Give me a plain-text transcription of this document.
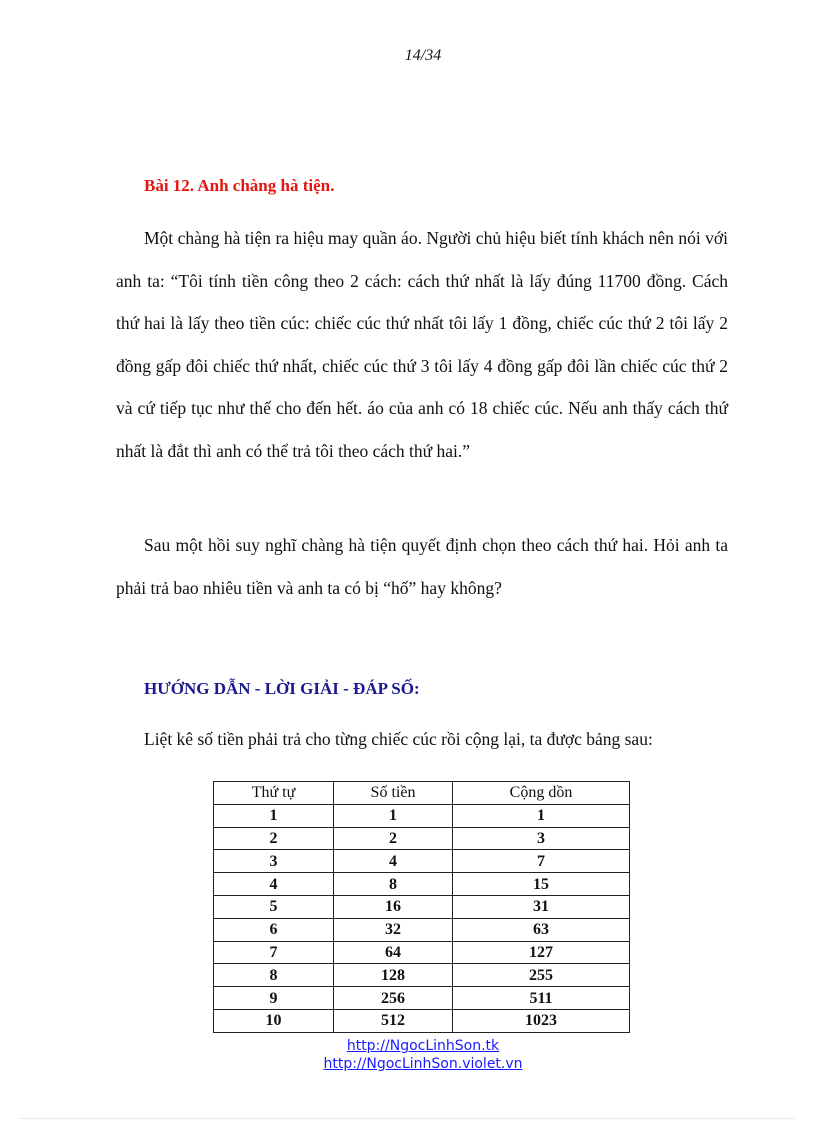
14/34
Bài 12. Anh chàng hà tiện.

Một chàng hà tiện ra hiệu may quần áo. Người chủ hiệu biết tính khách nên nói với anh ta: “Tôi tính tiền công theo 2 cách: cách thứ nhất là lấy đúng 11700 đồng. Cách thứ hai là lấy theo tiền cúc: chiếc cúc thứ nhất tôi lấy 1 đồng, chiếc cúc thứ 2 tôi lấy 2 đồng gấp đôi chiếc thứ nhất, chiếc cúc thứ 3 tôi lấy 4 đồng gấp đôi lần chiếc cúc thứ 2 và cứ tiếp tục như thế cho đến hết. áo của anh có 18 chiếc cúc. Nếu anh thấy cách thứ nhất là đắt thì anh có thể trả tôi theo cách thứ hai.”

Sau một hồi suy nghĩ chàng hà tiện quyết định chọn theo cách thứ hai. Hỏi anh ta phải trả bao nhiêu tiền và anh ta có bị “hố” hay không?

HƯỚNG DẪN - LỜI GIẢI - ĐÁP SỐ:
Liệt kê số tiền phải trả cho từng chiếc cúc rồi cộng lại, ta được bảng sau:
Thứ tự	Số tiền	Cộng dồn
1	1	1
2	2	3
3	4	7
4	8	15
5	16	31
6	32	63
7	64	127
8	128	255
9	256	511
10	512	1023
http://NgocLinhSon.tk
http://NgocLinhSon.violet.vn
